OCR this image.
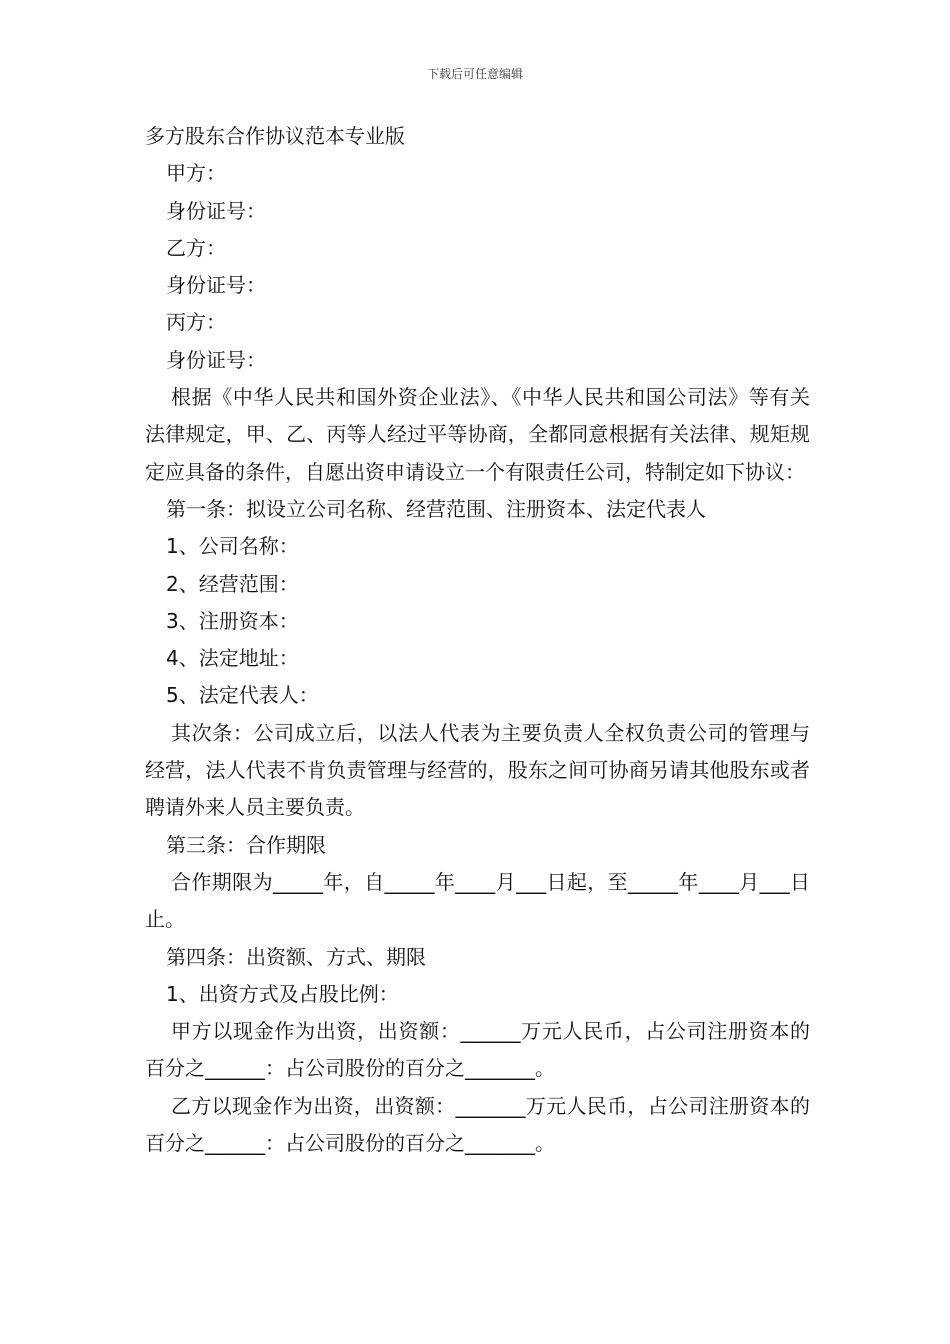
下载后可任意编辑

多方股东合作协议范本专业版

甲方：

身份证号：

乙方：

身份证号：

丙方：

身份证号：

根据《中华人民共和国外资企业法》、《中华人民共和国公司法》等有关法律规定，甲、乙、丙等人经过平等协商，全都同意根据有关法律、规矩规定应具备的条件，自愿出资申请设立一个有限责任公司，特制定如下协议：

第一条：拟设立公司名称、经营范围、注册资本、法定代表人

1、公司名称：

2、经营范围：

3、注册资本：

4、法定地址：

5、法定代表人：

其次条：公司成立后，以法人代表为主要负责人全权负责公司的管理与经营，法人代表不肯负责管理与经营的，股东之间可协商另请其他股东或者聘请外来人员主要负责。

第三条：合作期限

合作期限为_____年，自_____年____月___日起，至_____年____月___日止。

第四条：出资额、方式、期限

1、出资方式及占股比例：

甲方以现金作为出资，出资额：______万元人民币，占公司注册资本的百分之______：占公司股份的百分之_______。

乙方以现金作为出资，出资额：_______万元人民币，占公司注册资本的百分之______：占公司股份的百分之_______。
